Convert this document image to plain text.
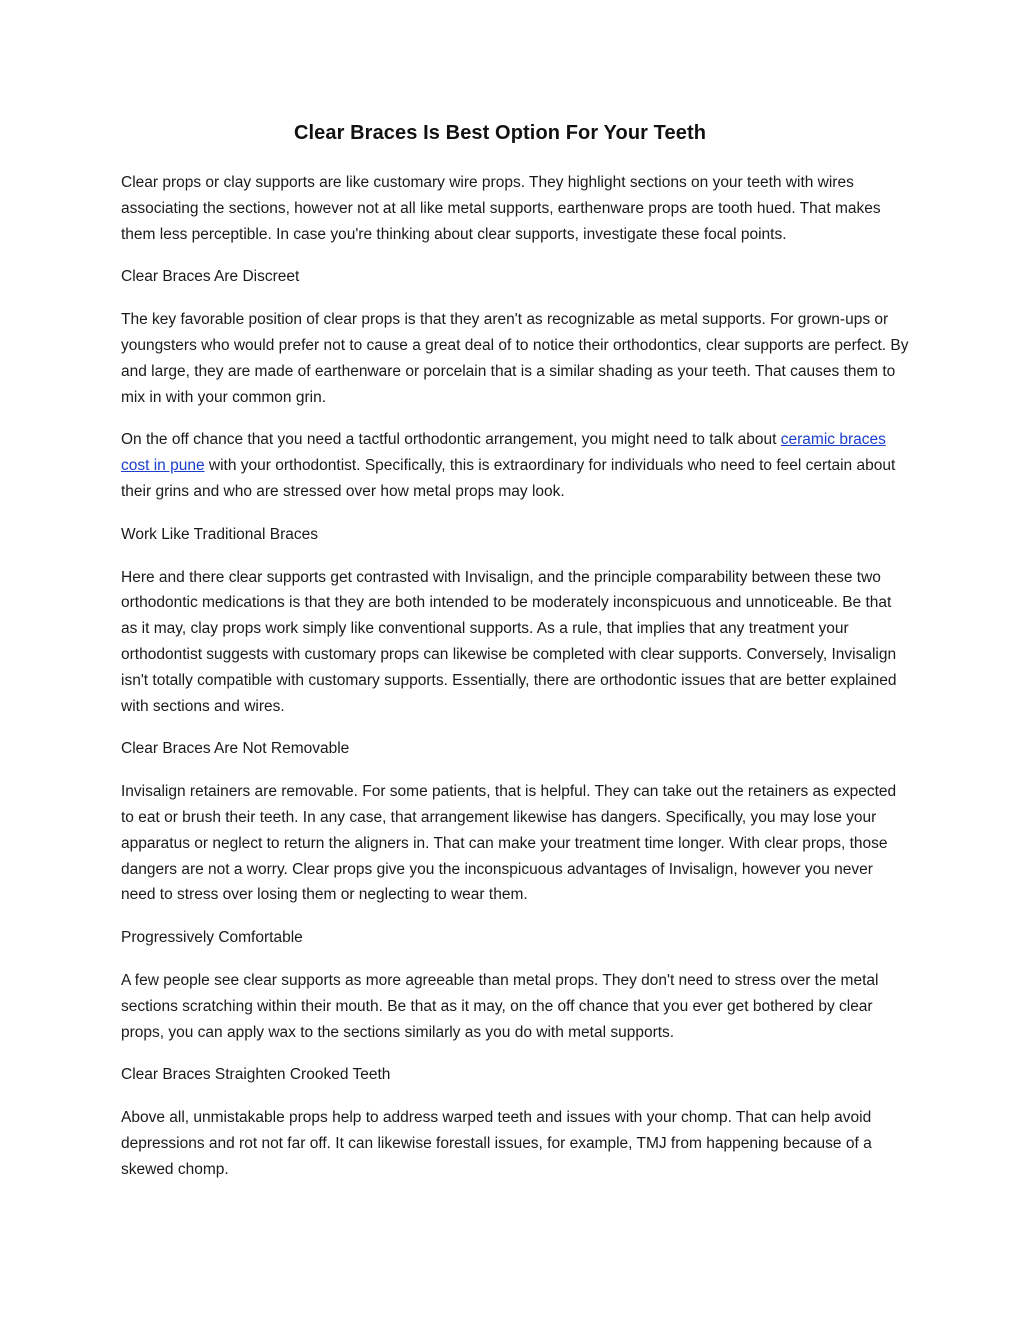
Clear Braces Is Best Option For Your Teeth

Clear props or clay supports are like customary wire props. They highlight sections on your teeth with wires associating the sections, however not at all like metal supports, earthenware props are tooth hued. That makes them less perceptible. In case you're thinking about clear supports, investigate these focal points.

Clear Braces Are Discreet

The key favorable position of clear props is that they aren't as recognizable as metal supports. For grown-ups or youngsters who would prefer not to cause a great deal of to notice their orthodontics, clear supports are perfect. By and large, they are made of earthenware or porcelain that is a similar shading as your teeth. That causes them to mix in with your common grin.

On the off chance that you need a tactful orthodontic arrangement, you might need to talk about ceramic braces cost in pune with your orthodontist. Specifically, this is extraordinary for individuals who need to feel certain about their grins and who are stressed over how metal props may look.

Work Like Traditional Braces

Here and there clear supports get contrasted with Invisalign, and the principle comparability between these two orthodontic medications is that they are both intended to be moderately inconspicuous and unnoticeable. Be that as it may, clay props work simply like conventional supports. As a rule, that implies that any treatment your orthodontist suggests with customary props can likewise be completed with clear supports. Conversely, Invisalign isn't totally compatible with customary supports. Essentially, there are orthodontic issues that are better explained with sections and wires.

Clear Braces Are Not Removable

Invisalign retainers are removable. For some patients, that is helpful. They can take out the retainers as expected to eat or brush their teeth. In any case, that arrangement likewise has dangers. Specifically, you may lose your apparatus or neglect to return the aligners in. That can make your treatment time longer. With clear props, those dangers are not a worry. Clear props give you the inconspicuous advantages of Invisalign, however you never need to stress over losing them or neglecting to wear them.

Progressively Comfortable

A few people see clear supports as more agreeable than metal props. They don't need to stress over the metal sections scratching within their mouth. Be that as it may, on the off chance that you ever get bothered by clear props, you can apply wax to the sections similarly as you do with metal supports.

Clear Braces Straighten Crooked Teeth

Above all, unmistakable props help to address warped teeth and issues with your chomp. That can help avoid depressions and rot not far off. It can likewise forestall issues, for example, TMJ from happening because of a skewed chomp.
